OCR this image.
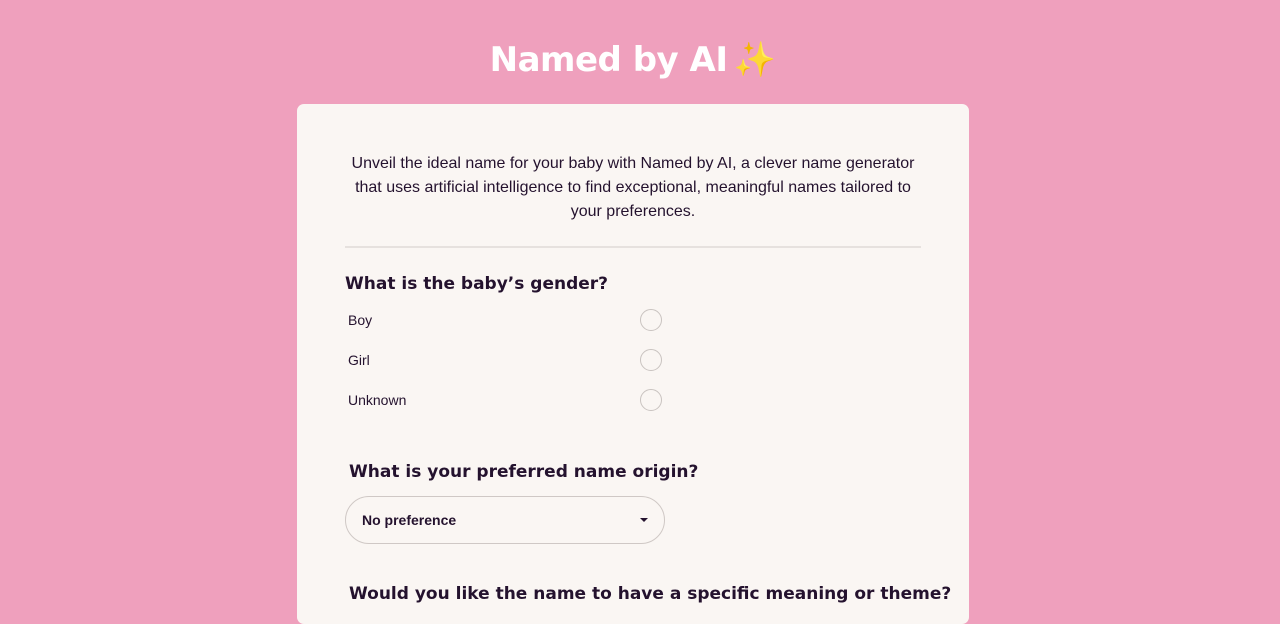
Named by AI ✨
Unveil the ideal name for your baby with Named by AI, a clever name generator that uses artificial intelligence to find exceptional, meaningful names tailored to your preferences.
What is the baby’s gender?
Boy
Girl
Unknown
What is your preferred name origin?
No preference
Would you like the name to have a specific meaning or theme?
